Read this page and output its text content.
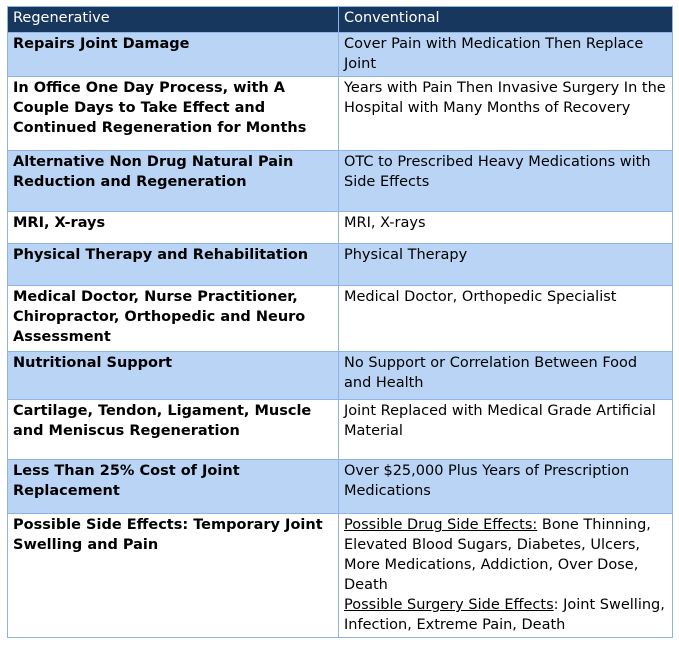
Regenerative	Conventional
Repairs Joint Damage	Cover Pain with Medication Then Replace Joint
In Office One Day Process, with A Couple Days to Take Effect and Continued Regeneration for Months	Years with Pain Then Invasive Surgery In the Hospital with Many Months of Recovery
Alternative Non Drug Natural Pain Reduction and Regeneration	OTC to Prescribed Heavy Medications with Side Effects
MRI, X-rays	MRI, X-rays
Physical Therapy and Rehabilitation	Physical Therapy
Medical Doctor, Nurse Practitioner, Chiropractor, Orthopedic and Neuro Assessment	Medical Doctor, Orthopedic Specialist
Nutritional Support	No Support or Correlation Between Food and Health
Cartilage, Tendon, Ligament, Muscle and Meniscus Regeneration	Joint Replaced with Medical Grade Artificial Material
Less Than 25% Cost of Joint Replacement	Over $25,000 Plus Years of Prescription Medications
Possible Side Effects: Temporary Joint Swelling and Pain	Possible Drug Side Effects: Bone Thinning, Elevated Blood Sugars, Diabetes, Ulcers, More Medications, Addiction, Over Dose, Death
Possible Surgery Side Effects: Joint Swelling, Infection, Extreme Pain, Death
